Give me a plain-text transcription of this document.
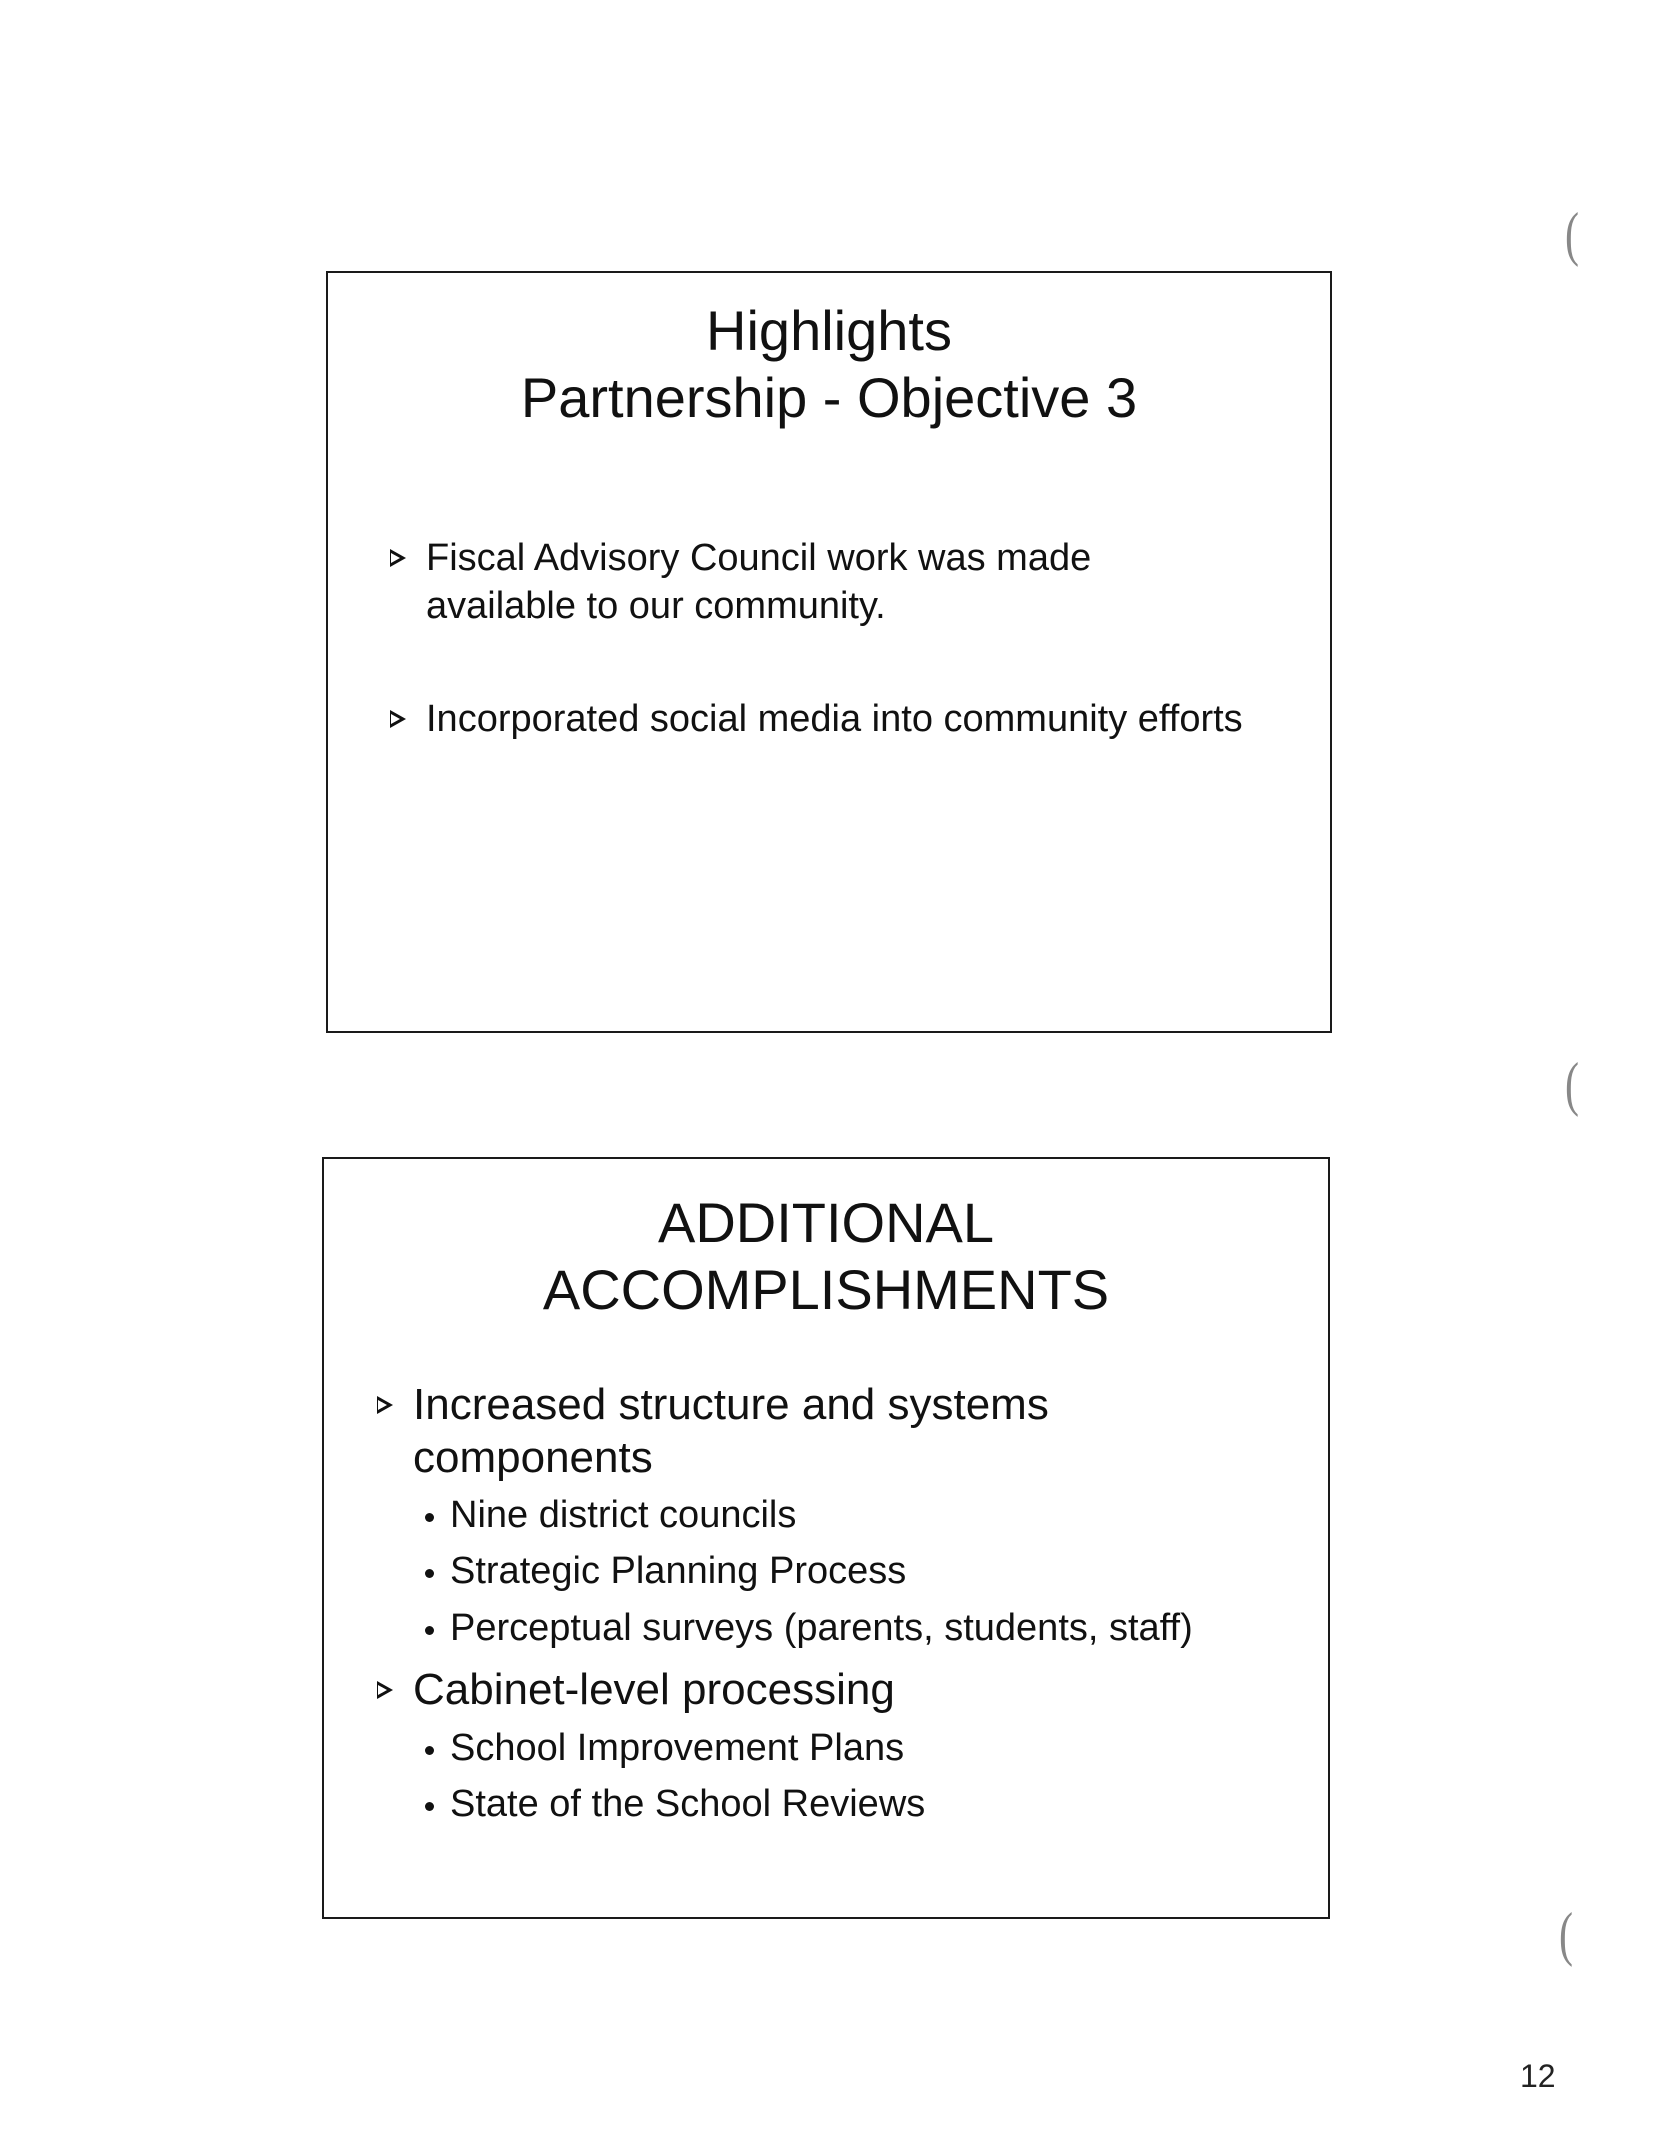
Highlights
Partnership - Objective 3
Fiscal Advisory Council work was made
available to our community.
Incorporated social media into community efforts
ADDITIONAL
ACCOMPLISHMENTS
Increased structure and systems
components
Nine district councils
Strategic Planning Process
Perceptual surveys (parents, students, staff)
Cabinet-level processing
School Improvement Plans
State of the School Reviews
(
(
(
12
